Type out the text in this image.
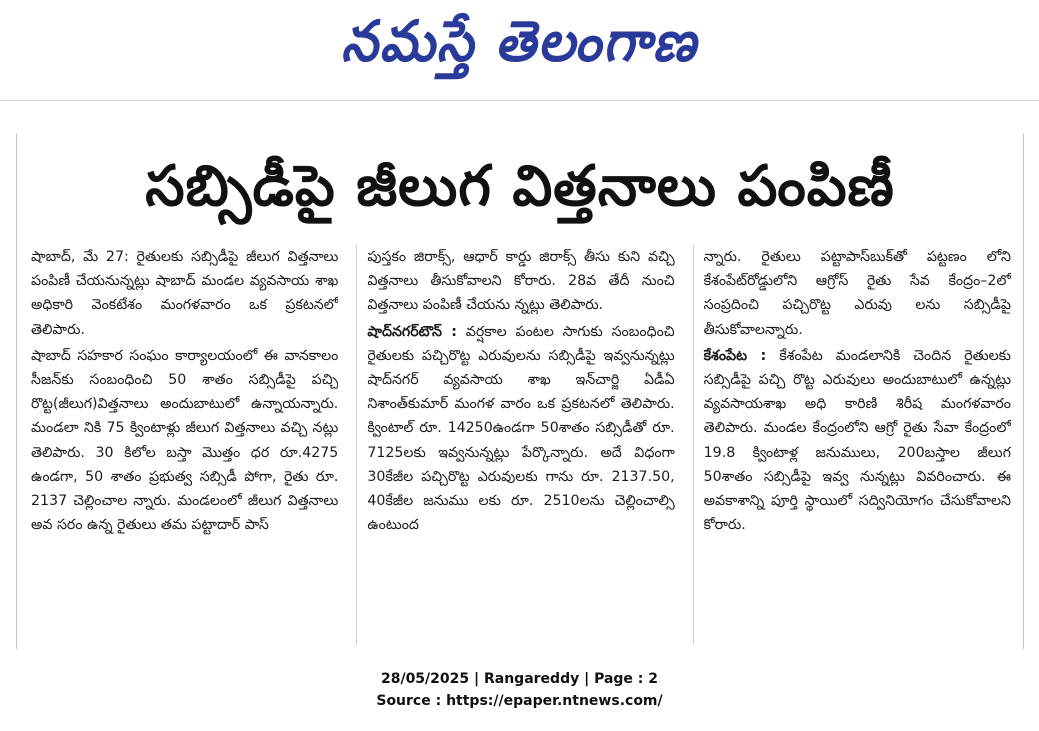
నమస్తే తెలంగాణ
సబ్సిడీపై జీలుగ విత్తనాలు పంపిణీ

షాబాద్, మే 27: రైతులకు సబ్సిడీపై జీలుగ విత్తనాలు పంపిణీ చేయనున్నట్లు షాబాద్ మండల వ్యవసాయ శాఖ అధికారి వెంకటేశం మంగళవారం ఒక ప్రకటనలో తెలిపారు.

షాబాద్ సహకార సంఘం కార్యాలయంలో ఈ వానకాలం సీజన్‌కు సంబంధించి 50 శాతం సబ్సిడీపై పచ్చి రొట్ట(జీలుగ)విత్తనాలు అందుబాటులో ఉన్నాయన్నారు. మండలా నికి 75 క్వింటాళ్లు జీలుగ విత్తనాలు వచ్చి నట్లు తెలిపారు. 30 కిలోల బస్తా మొత్తం ధర రూ.4275 ఉండగా, 50 శాతం ప్రభుత్వ సబ్సిడీ పోగా, రైతు రూ. 2137 చెల్లించాల న్నారు. మండలంలో జీలుగ విత్తనాలు అవ సరం ఉన్న రైతులు తమ పట్టాదార్ పాస్

పుస్తకం జిరాక్స్, ఆధార్ కార్డు జిరాక్స్ తీసు కుని వచ్చి విత్తనాలు తీసుకోవాలని కోరారు. 28వ తేదీ నుంచి విత్తనాలు పంపిణీ చేయను న్నట్లు తెలిపారు.

షాద్‌నగర్‌టౌన్ : వర్షకాల పంటల సాగుకు సంబంధించి రైతులకు పచ్చిరొట్ట ఎరువులను సబ్సిడీపై ఇవ్వనున్నట్లు షాద్‌నగర్ వ్యవసాయ శాఖ ఇన్‌చార్జి ఏడీఏ నిశాంత్‌కుమార్ మంగళ వారం ఒక ప్రకటనలో తెలిపారు. క్వింటాల్ రూ. 14250ఉండగా 50శాతం సబ్సిడీతో రూ. 7125లకు ఇవ్వనున్నట్లు పేర్కొన్నారు. అదే విధంగా 30కేజీల పచ్చిరొట్ట ఎరువులకు గాను రూ. 2137.50, 40కేజీల జనుము లకు రూ. 2510లను చెల్లించాల్సి ఉంటుంద

న్నారు. రైతులు పట్టాపాస్‌బుక్‌తో పట్టణం లోని కేశంపేట్‌రోడ్డులోని ఆగ్రోస్ రైతు సేవ కేంద్రం–2లో సంప్రదించి పచ్చిరొట్ట ఎరువు లను సబ్సిడీపై తీసుకోవాలన్నారు.

కేశంపేట : కేశంపేట మండలానికి చెందిన రైతులకు సబ్సిడీపై పచ్చి రొట్ట ఎరువులు అందుబాటులో ఉన్నట్లు వ్యవసాయశాఖ అధి కారిణి శిరీష మంగళవారం తెలిపారు. మండల కేంద్రంలోని ఆగ్రో రైతు సేవా కేంద్రంలో 19.8 క్వింటాళ్ల జనుములు, 200బస్తాల జీలుగ 50శాతం సబ్సిడీపై ఇవ్వ నున్నట్లు వివరించారు. ఈ అవకాశాన్ని పూర్తి స్థాయిలో సద్వినియోగం చేసుకోవాలని కోరారు.

28/05/2025 | Rangareddy | Page : 2
Source : https://epaper.ntnews.com/
